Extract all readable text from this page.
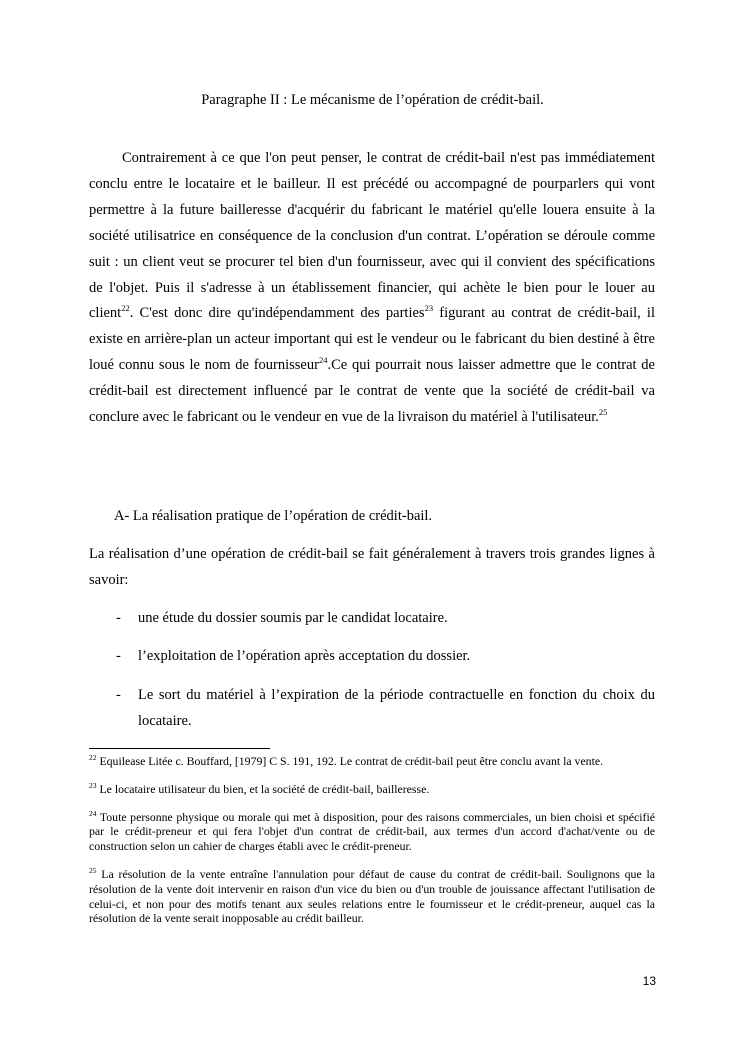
Paragraphe II : Le mécanisme de l’opération de crédit-bail.

Contrairement à ce que l'on peut penser, le contrat de crédit-bail n'est pas immédiatement conclu entre le locataire et le bailleur. Il est précédé ou accompagné de pourparlers qui vont permettre à la future bailleresse d'acquérir du fabricant le matériel qu'elle louera ensuite à la société utilisatrice en conséquence de la conclusion d'un contrat. L’opération se déroule comme suit : un client veut se procurer tel bien d'un fournisseur, avec qui il convient des spécifications de l'objet. Puis il s'adresse à un établissement financier, qui achète le bien pour le louer au client$^{22}$. C'est donc dire qu'indépendamment des parties$^{23}$ figurant au contrat de crédit-bail, il existe en arrière-plan un acteur important qui est le vendeur ou le fabricant du bien destiné à être loué connu sous le nom de fournisseur$^{24}$.Ce qui pourrait nous laisser admettre que le contrat de crédit-bail est directement influencé par le contrat de vente que la société de crédit-bail va conclure avec le fabricant ou le vendeur en vue de la livraison du matériel à l'utilisateur.$^{25}$

A- La réalisation pratique de l’opération de crédit-bail.
La réalisation d’une opération de crédit-bail se fait généralement à travers trois grandes lignes à savoir:
- une étude du dossier soumis par le candidat locataire.
- l’exploitation de l’opération après acceptation du dossier.
- Le sort du matériel à l’expiration de la période contractuelle en fonction du choix du locataire.
$^{22}$ Equilease Litée c. Bouffard, [1979] C S. 191, 192. Le contrat de crédit-bail peut être conclu avant la vente.
$^{23}$ Le locataire utilisateur du bien, et la société de crédit-bail, bailleresse.
$^{24}$ Toute personne physique ou morale qui met à disposition, pour des raisons commerciales, un bien choisi et spécifié par le crédit-preneur et qui fera l'objet d'un contrat de crédit-bail, aux termes d'un accord d'achat/vente ou de construction selon un cahier de charges établi avec le crédit-preneur.
$^{25}$ La résolution de la vente entraîne l'annulation pour défaut de cause du contrat de crédit-bail. Soulignons que la résolution de la vente doit intervenir en raison d'un vice du bien ou d'un trouble de jouissance affectant l'utilisation de celui-ci, et non pour des motifs tenant aux seules relations entre le fournisseur et le crédit-preneur, auquel cas la résolution de la vente serait inopposable au crédit bailleur.
13
